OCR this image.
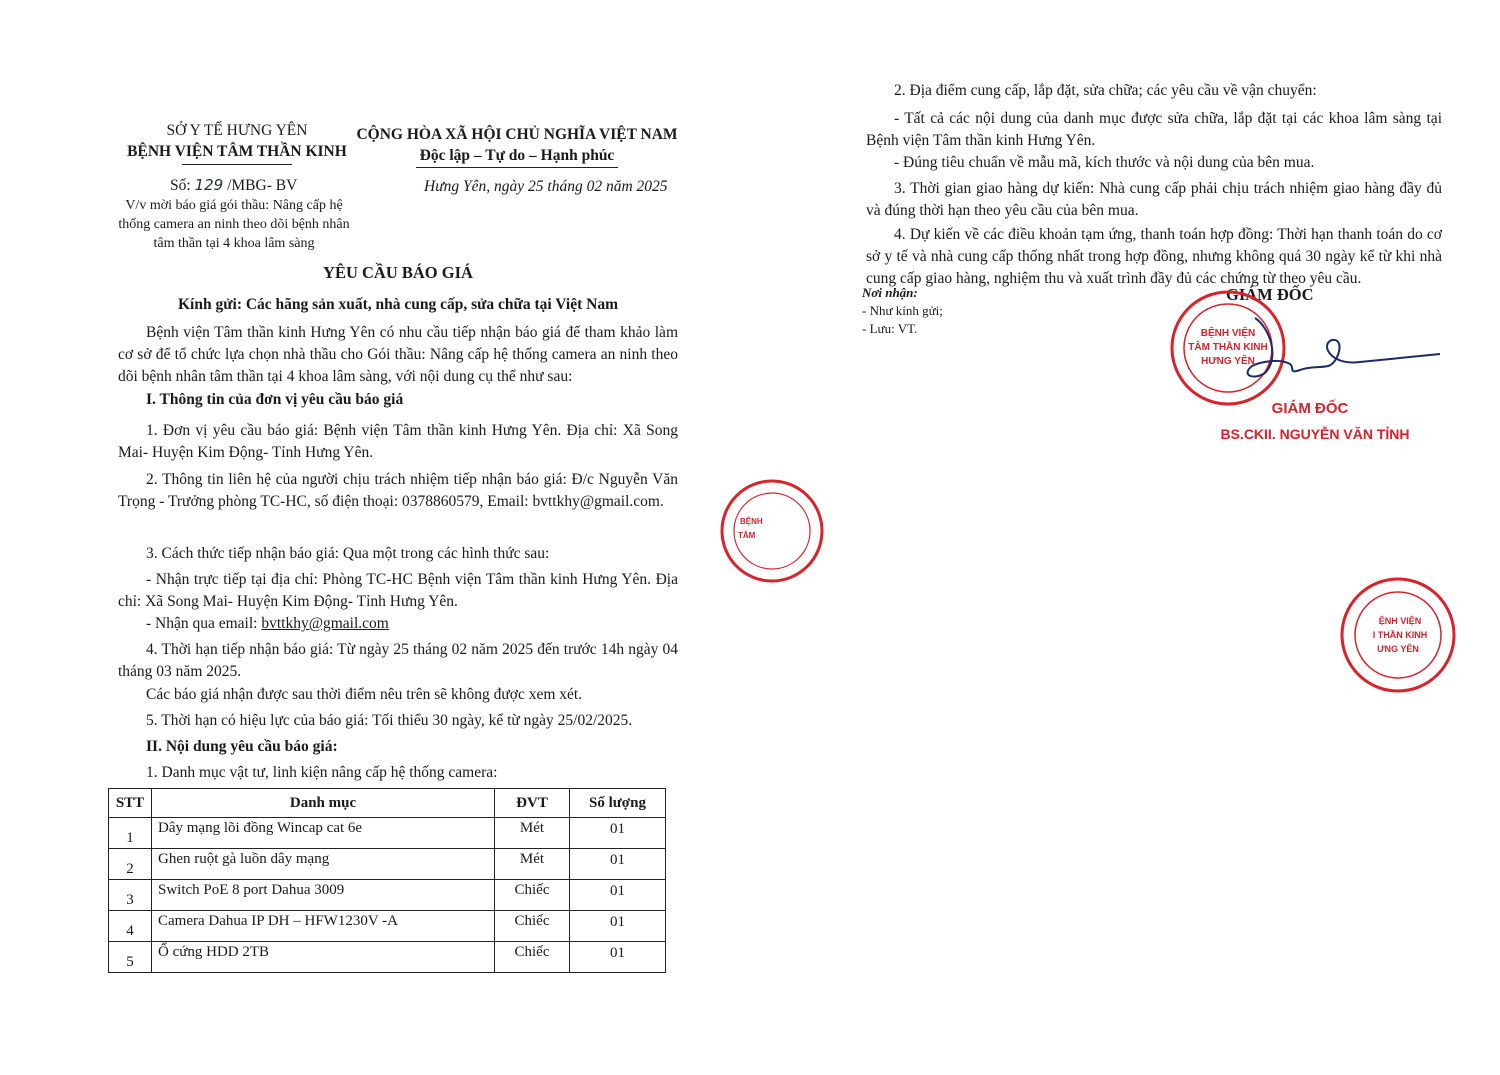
SỞ Y TẾ HƯNG YÊN
BỆNH VIỆN TÂM THẦN KINH
CỘNG HÒA XÃ HỘI CHỦ NGHĨA VIỆT NAM
Độc lập – Tự do – Hạnh phúc
Số: 129 /MBG- BV	Hưng Yên, ngày 25 tháng 02 năm 2025
V/v mời báo giá gói thầu: Nâng cấp hệ thống camera an ninh theo dõi bệnh nhân tâm thần tại 4 khoa lâm sàng
YÊU CẦU BÁO GIÁ
Kính gửi: Các hãng sản xuất, nhà cung cấp, sửa chữa tại Việt Nam
Bệnh viện Tâm thần kinh Hưng Yên có nhu cầu tiếp nhận báo giá để tham khảo làm cơ sở để tổ chức lựa chọn nhà thầu cho Gói thầu: Nâng cấp hệ thống camera an ninh theo dõi bệnh nhân tâm thần tại 4 khoa lâm sàng, với nội dung cụ thể như sau:
I. Thông tin của đơn vị yêu cầu báo giá
1. Đơn vị yêu cầu báo giá: Bệnh viện Tâm thần kinh Hưng Yên. Địa chỉ: Xã Song Mai- Huyện Kim Động- Tỉnh Hưng Yên.
2. Thông tin liên hệ của người chịu trách nhiệm tiếp nhận báo giá: Đ/c Nguyễn Văn Trọng - Trưởng phòng TC-HC, số điện thoại: 0378860579, Email: bvttkhy@gmail.com.
3. Cách thức tiếp nhận báo giá: Qua một trong các hình thức sau:
- Nhận trực tiếp tại địa chỉ: Phòng TC-HC Bệnh viện Tâm thần kinh Hưng Yên. Địa chỉ: Xã Song Mai- Huyện Kim Động- Tỉnh Hưng Yên.
- Nhận qua email: bvttkhy@gmail.com
4. Thời hạn tiếp nhận báo giá: Từ ngày 25 tháng 02 năm 2025 đến trước 14h ngày 04 tháng 03 năm 2025.
Các báo giá nhận được sau thời điểm nêu trên sẽ không được xem xét.
5. Thời hạn có hiệu lực của báo giá: Tối thiểu 30 ngày, kể từ ngày 25/02/2025.
II. Nội dung yêu cầu báo giá:
1. Danh mục vật tư, linh kiện nâng cấp hệ thống camera:
STT	Danh mục	ĐVT	Số lượng
1	Dây mạng lõi đồng Wincap cat 6e	Mét	01
2	Ghen ruột gà luồn dây mạng	Mét	01
3	Switch PoE 8 port Dahua 3009	Chiếc	01
4	Camera Dahua IP DH – HFW1230V -A	Chiếc	01
5	Ổ cứng HDD 2TB	Chiếc	01
2. Địa điểm cung cấp, lắp đặt, sửa chữa; các yêu cầu về vận chuyển:
- Tất cả các nội dung của danh mục được sửa chữa, lắp đặt tại các khoa lâm sàng tại Bệnh viện Tâm thần kinh Hưng Yên.
- Đúng tiêu chuẩn về mẫu mã, kích thước và nội dung của bên mua.
3. Thời gian giao hàng dự kiến: Nhà cung cấp phải chịu trách nhiệm giao hàng đầy đủ và đúng thời hạn theo yêu cầu của bên mua.
4. Dự kiến về các điều khoản tạm ứng, thanh toán hợp đồng: Thời hạn thanh toán do cơ sở y tế và nhà cung cấp thống nhất trong hợp đồng, nhưng không quá 30 ngày kể từ khi nhà cung cấp giao hàng, nghiệm thu và xuất trình đầy đủ các chứng từ theo yêu cầu.
Nơi nhận:
- Như kính gửi;
- Lưu: VT.
GIÁM ĐỐC
BỆNH VIỆN
TÂM THẦN KINH
HƯNG YÊN
GIÁM ĐỐC
BS.CKII. NGUYỄN VĂN TỈNH
BỆNH
TÂM
ỆNH VIỆN
I THẦN KINH
ƯNG YÊN
